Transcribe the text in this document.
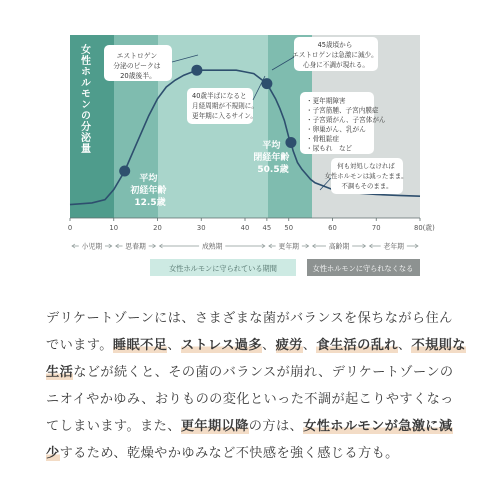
女性ホルモンの分泌量	エストロゲン 分泌のピークは 20歳後半。
40歳半ばになると 月経周期が不規則に。 更年期に入るサイン。
45歳頃から エストロゲンは急激に減少。 心身に不調が現れる。
・更年期障害・子宮筋腫、子宮内膜症・子宮頸がん、子宮体がん・卵巣がん、乳がん・骨粗鬆症・尿もれ　など
何も対処しなければ 女性ホルモンは減ったまま。 不調もそのまま。
平均 初経年齢 12.5歳
平均 閉経年齢 50.5歳
0	10	20	30	40 45 50	60	70	80(歳)
小児期	思春期	成熟期	更年期	高齢期	老年期
女性ホルモンに守られている期間	女性ホルモンに守られなくなる
デリケートゾーンには、さまざまな菌がバランスを保ちながら住んでいます。睡眠不足、ストレス過多、疲労、食生活の乱れ、不規則な生活などが続くと、その菌のバランスが崩れ、デリケートゾーンのニオイやかゆみ、おりものの変化といった不調が起こりやすくなってしまいます。また、更年期以降の方は、女性ホルモンが急激に減少するため、乾燥やかゆみなど不快感を強く感じる方も。
